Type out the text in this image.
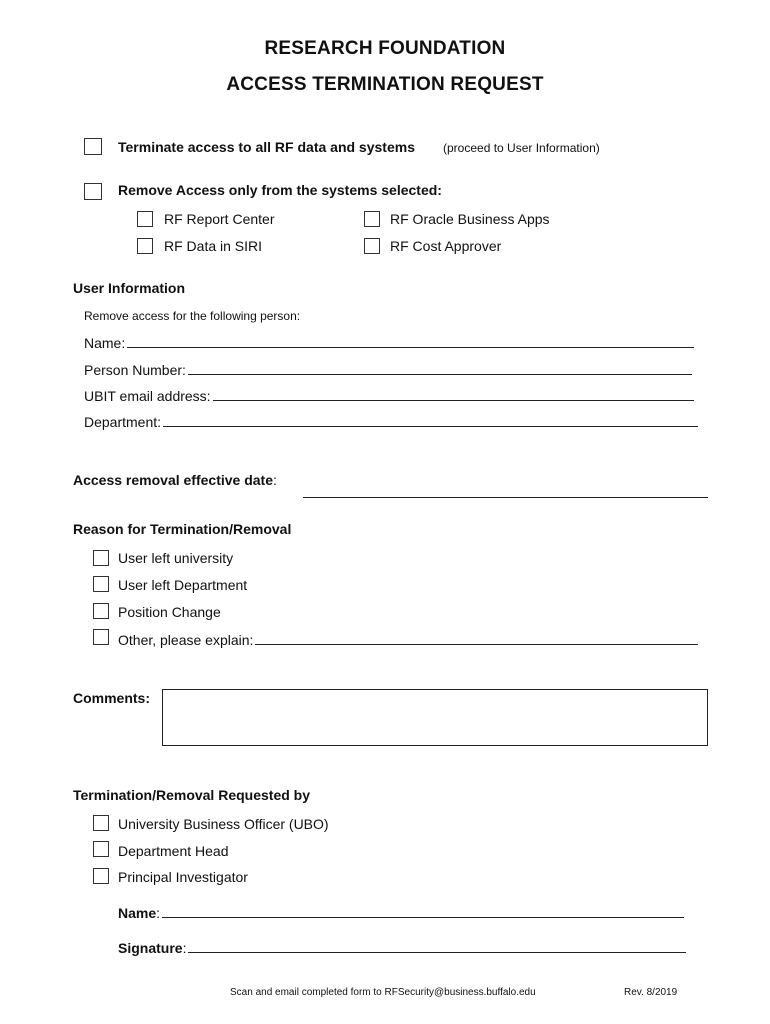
RESEARCH FOUNDATION
ACCESS TERMINATION REQUEST
Terminate access to all RF data and systems (proceed to User Information)
Remove Access only from the systems selected:
RF Report Center	RF Oracle Business Apps
RF Data in SIRI	RF Cost Approver
User Information
Remove access for the following person:
Name:
Person Number:
UBIT email address:
Department:
Access removal effective date:
Reason for Termination/Removal
User left university
User left Department
Position Change
Other, please explain:
Comments:
Termination/Removal Requested by
University Business Officer (UBO)
Department Head
Principal Investigator
Name :
Signature :
Scan and email completed form to RFSecurity@business.buffalo.edu	Rev. 8/2019
